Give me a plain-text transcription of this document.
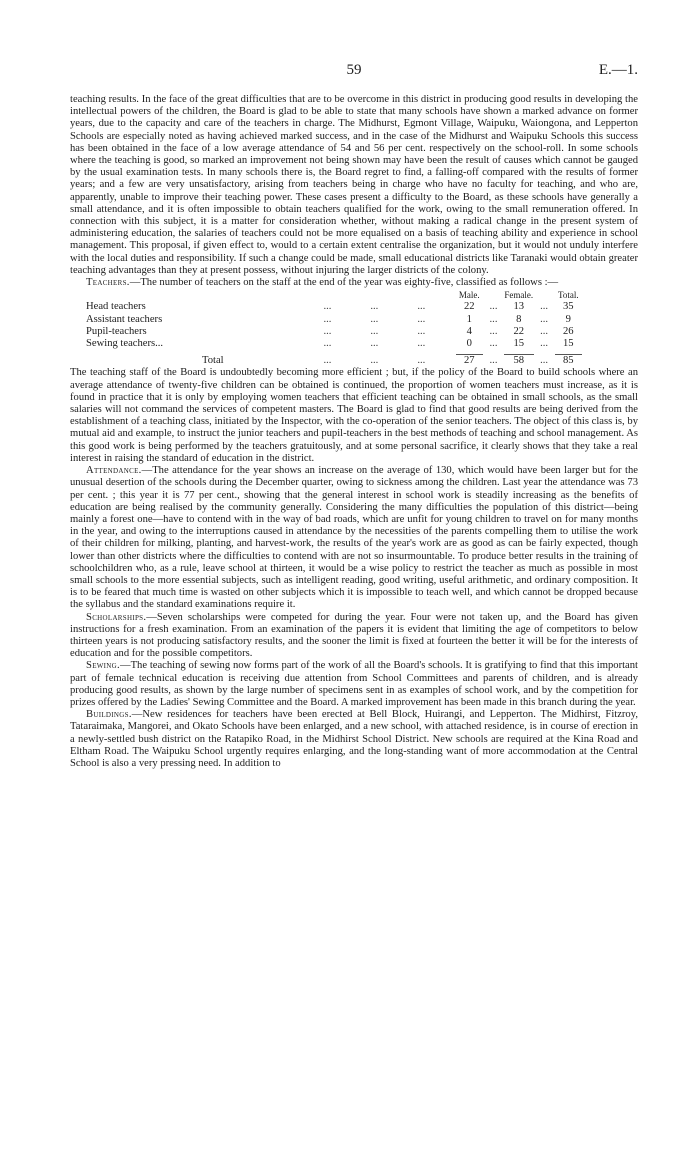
59	E.—1.

teaching results. In the face of the great difficulties that are to be overcome in this district in producing good results in developing the intellectual powers of the children, the Board is glad to be able to state that many schools have shown a marked advance on former years, due to the capacity and care of the teachers in charge. The Midhurst, Egmont Village, Waipuku, Waiongona, and Lepperton Schools are especially noted as having achieved marked success, and in the case of the Midhurst and Waipuku Schools this success has been obtained in the face of a low average attendance of 54 and 56 per cent. respectively on the school-roll. In some schools where the teaching is good, so marked an improvement not being shown may have been the result of causes which cannot be gauged by the usual examination tests. In many schools there is, the Board regret to find, a falling-off compared with the results of former years; and a few are very unsatisfactory, arising from teachers being in charge who have no faculty for teaching, and who are, apparently, unable to improve their teaching power. These cases present a difficulty to the Board, as these schools have generally a small attendance, and it is often impossible to obtain teachers qualified for the work, owing to the small remuneration offered. In connection with this subject, it is a matter for consideration whether, without making a radical change in the present system of administering education, the salaries of teachers could not be more equalised on a basis of teaching ability and experience in school management. This proposal, if given effect to, would to a certain extent centralise the organization, but it would not unduly interfere with the local duties and responsibility. If such a change could be made, small educational districts like Taranaki would obtain greater teaching advantages than they at present possess, without injuring the larger districts of the colony.

Teachers.—The number of teachers on the staff at the end of the year was eighty-five, classified as follows :—

				Male.		Female.		Total.
Head teachers	...	...	...	22	...	13	...	35
Assistant teachers	...	...	...	1	...	8	...	9
Pupil-teachers	...	...	...	4	...	22	...	26
Sewing teachers...	...	...	...	0	...	15	...	15

Total	...	...	...	27	...	58	...	85

The teaching staff of the Board is undoubtedly becoming more efficient ; but, if the policy of the Board to build schools where an average attendance of twenty-five children can be obtained is continued, the proportion of women teachers must increase, as it is found in practice that it is only by employing women teachers that efficient teaching can be obtained in small schools, as the small salaries will not command the services of competent masters. The Board is glad to find that good results are being derived from the establishment of a teaching class, initiated by the Inspector, with the co-operation of the senior teachers. The object of this class is, by mutual aid and example, to instruct the junior teachers and pupil-teachers in the best methods of teaching and school management. As this good work is being performed by the teachers gratuitously, and at some personal sacrifice, it clearly shows that they take a real interest in raising the standard of education in the district.

Attendance.—The attendance for the year shows an increase on the average of 130, which would have been larger but for the unusual desertion of the schools during the December quarter, owing to sickness among the children. Last year the attendance was 73 per cent. ; this year it is 77 per cent., showing that the general interest in school work is steadily increasing as the benefits of education are being realised by the community generally. Considering the many difficulties the population of this district—being mainly a forest one—have to contend with in the way of bad roads, which are unfit for young children to travel on for many months in the year, and owing to the interruptions caused in attendance by the necessities of the parents compelling them to utilise the work of their children for milking, planting, and harvest-work, the results of the year's work are as good as can be fairly expected, though lower than other districts where the difficulties to contend with are not so insurmountable. To produce better results in the training of schoolchildren who, as a rule, leave school at thirteen, it would be a wise policy to restrict the teacher as much as possible in most small schools to the more essential subjects, such as intelligent reading, good writing, useful arithmetic, and ordinary composition. It is to be feared that much time is wasted on other subjects which it is impossible to teach well, and which cannot be dropped because the syllabus and the standard examinations require it.

Scholarships.—Seven scholarships were competed for during the year. Four were not taken up, and the Board has given instructions for a fresh examination. From an examination of the papers it is evident that limiting the age of competitors to below thirteen years is not producing satisfactory results, and the sooner the limit is fixed at fourteen the better it will be for the interests of education and for the possible competitors.

Sewing.—The teaching of sewing now forms part of the work of all the Board's schools. It is gratifying to find that this important part of female technical education is receiving due attention from School Committees and parents of children, and is already producing good results, as shown by the large number of specimens sent in as examples of school work, and by the competition for prizes offered by the Ladies' Sewing Committee and the Board. A marked improvement has been made in this branch during the year.

Buildings.—New residences for teachers have been erected at Bell Block, Huirangi, and Lepperton. The Midhirst, Fitzroy, Tataraimaka, Mangorei, and Okato Schools have been enlarged, and a new school, with attached residence, is in course of erection in a newly-settled bush district on the Ratapiko Road, in the Midhirst School District. New schools are required at the Kina Road and Eltham Road. The Waipuku School urgently requires enlarging, and the long-standing want of more accommodation at the Central School is also a very pressing need. In addition to
